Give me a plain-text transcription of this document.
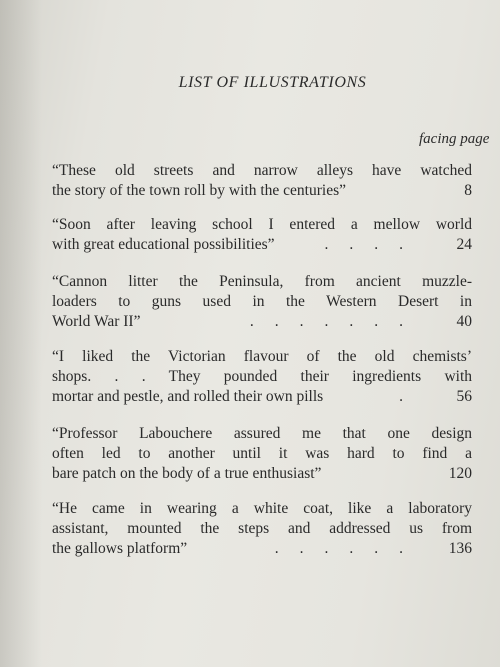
LIST OF ILLUSTRATIONS
facing page
“These old streets and narrow alleys have watched
the story of the town roll by with the centuries”	8
“Soon after leaving school I entered a mellow world
with great educational possibilities”	....	24
“Cannon litter the Peninsula, from ancient muzzle-
loaders to guns used in the Western Desert in
World War II”	.......	40
“I liked the Victorian flavour of the old chemists’
shops. . . They pounded their ingredients with
mortar and pestle, and rolled their own pills	.	56
“Professor Labouchere assured me that one design
often led to another until it was hard to find a
bare patch on the body of a true enthusiast”	120
“He came in wearing a white coat, like a laboratory
assistant, mounted the steps and addressed us from
the gallows platform”	......	136
